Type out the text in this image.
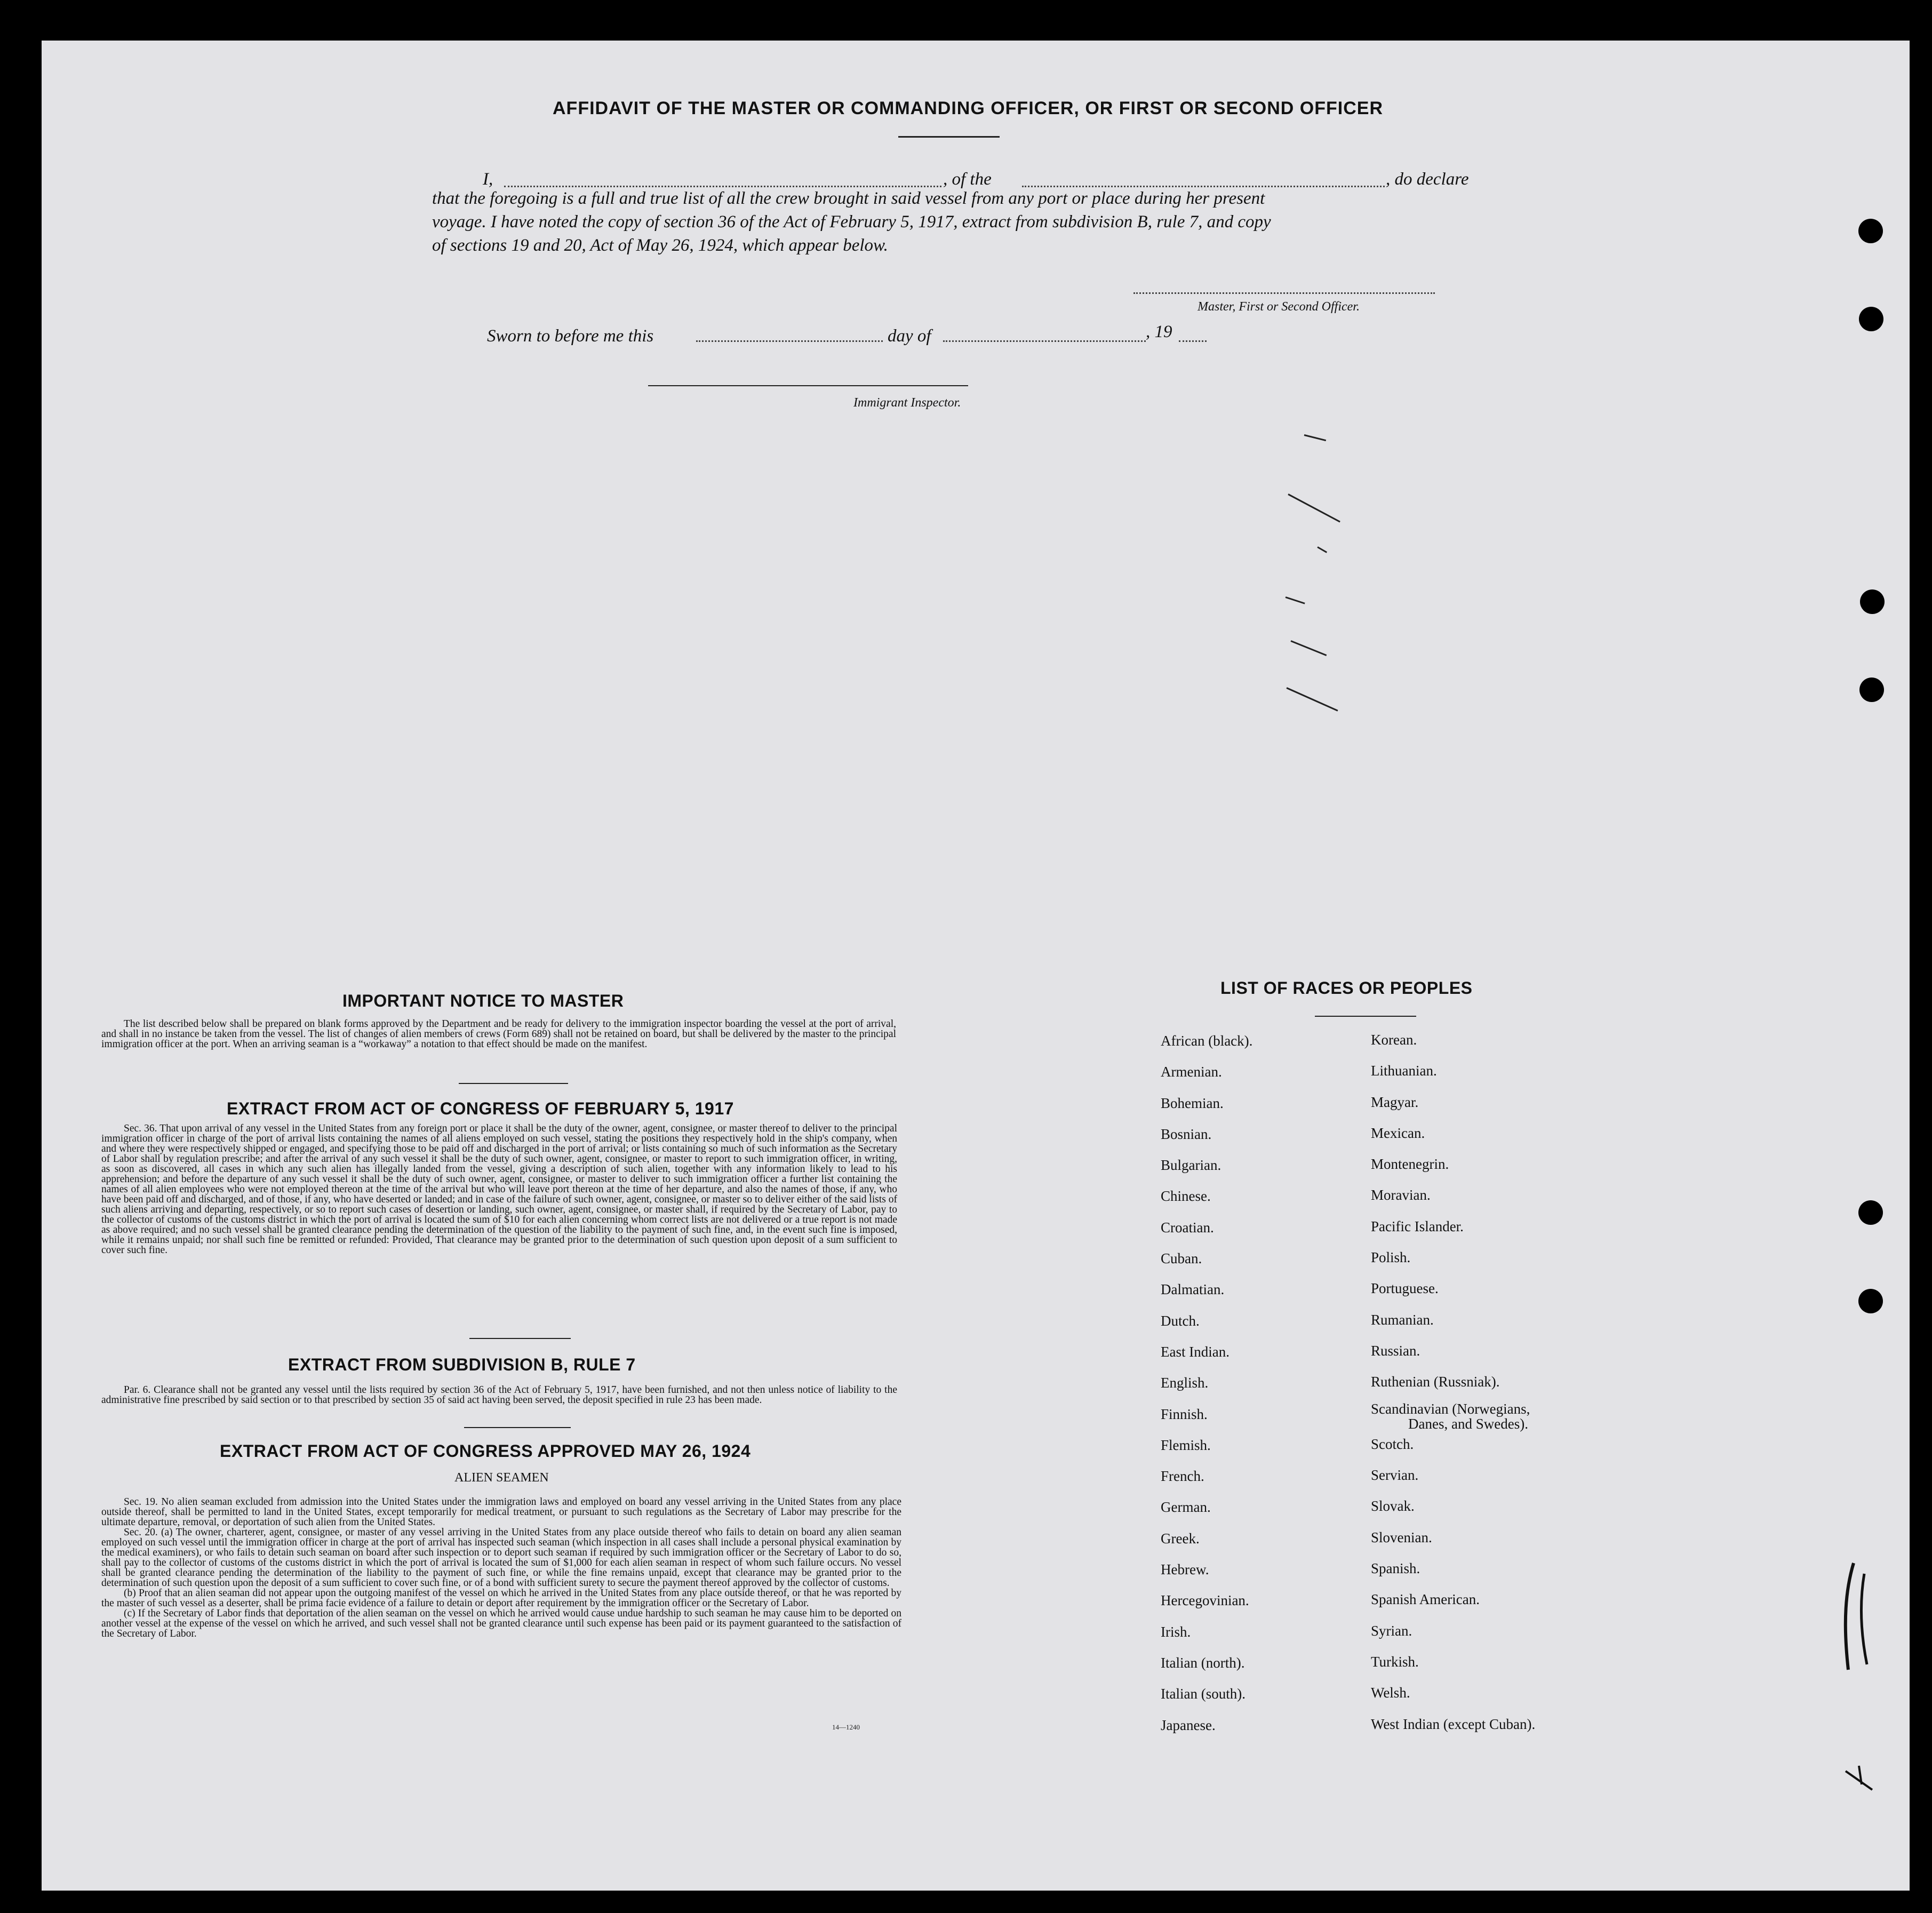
AFFIDAVIT OF THE MASTER OR COMMANDING OFFICER, OR FIRST OR SECOND OFFICER
I,	, of the	, do declare
that the foregoing is a full and true list of all the crew brought in said vessel from any port or place during her present
voyage. I have noted the copy of section 36 of the Act of February 5, 1917, extract from subdivision B, rule 7, and copy
of sections 19 and 20, Act of May 26, 1924, which appear below.
Master, First or Second Officer.
Sworn to before me this	day of	, 19
Immigrant Inspector.
IMPORTANT NOTICE TO MASTER

The list described below shall be prepared on blank forms approved by the Department and be ready for delivery to the immigration inspector boarding the vessel at the port of arrival, and shall in no instance be taken from the vessel. The list of changes of alien members of crews (Form 689) shall not be retained on board, but shall be delivered by the master to the principal immigration officer at the port. When an arriving seaman is a “workaway” a notation to that effect should be made on the manifest.

EXTRACT FROM ACT OF CONGRESS OF FEBRUARY 5, 1917

Sec. 36. That upon arrival of any vessel in the United States from any foreign port or place it shall be the duty of the owner, agent, consignee, or master thereof to deliver to the principal immigration officer in charge of the port of arrival lists containing the names of all aliens employed on such vessel, stating the positions they respectively hold in the ship's company, when and where they were respectively shipped or engaged, and specifying those to be paid off and discharged in the port of arrival; or lists containing so much of such information as the Secretary of Labor shall by regulation prescribe; and after the arrival of any such vessel it shall be the duty of such owner, agent, consignee, or master to report to such immigration officer, in writing, as soon as discovered, all cases in which any such alien has illegally landed from the vessel, giving a description of such alien, together with any information likely to lead to his apprehension; and before the departure of any such vessel it shall be the duty of such owner, agent, consignee, or master to deliver to such immigration officer a further list containing the names of all alien employees who were not employed thereon at the time of the arrival but who will leave port thereon at the time of her departure, and also the names of those, if any, who have been paid off and discharged, and of those, if any, who have deserted or landed; and in case of the failure of such owner, agent, consignee, or master so to deliver either of the said lists of such aliens arriving and departing, respectively, or so to report such cases of desertion or landing, such owner, agent, consignee, or master shall, if required by the Secretary of Labor, pay to the collector of customs of the customs district in which the port of arrival is located the sum of $10 for each alien concerning whom correct lists are not delivered or a true report is not made as above required; and no such vessel shall be granted clearance pending the determination of the question of the liability to the payment of such fine, and, in the event such fine is imposed, while it remains unpaid; nor shall such fine be remitted or refunded: Provided, That clearance may be granted prior to the determination of such question upon deposit of a sum sufficient to cover such fine.

EXTRACT FROM SUBDIVISION B, RULE 7

Par. 6. Clearance shall not be granted any vessel until the lists required by section 36 of the Act of February 5, 1917, have been furnished, and not then unless notice of liability to the administrative fine prescribed by said section or to that prescribed by section 35 of said act having been served, the deposit specified in rule 23 has been made.

EXTRACT FROM ACT OF CONGRESS APPROVED MAY 26, 1924
ALIEN SEAMEN

Sec. 19. No alien seaman excluded from admission into the United States under the immigration laws and employed on board any vessel arriving in the United States from any place outside thereof, shall be permitted to land in the United States, except temporarily for medical treatment, or pursuant to such regulations as the Secretary of Labor may prescribe for the ultimate departure, removal, or deportation of such alien from the United States.

Sec. 20. (a) The owner, charterer, agent, consignee, or master of any vessel arriving in the United States from any place outside thereof who fails to detain on board any alien seaman employed on such vessel until the immigration officer in charge at the port of arrival has inspected such seaman (which inspection in all cases shall include a personal physical examination by the medical examiners), or who fails to detain such seaman on board after such inspection or to deport such seaman if required by such immigration officer or the Secretary of Labor to do so, shall pay to the collector of customs of the customs district in which the port of arrival is located the sum of $1,000 for each alien seaman in respect of whom such failure occurs. No vessel shall be granted clearance pending the determination of the liability to the payment of such fine, or while the fine remains unpaid, except that clearance may be granted prior to the determination of such question upon the deposit of a sum sufficient to cover such fine, or of a bond with sufficient surety to secure the payment thereof approved by the collector of customs.

(b) Proof that an alien seaman did not appear upon the outgoing manifest of the vessel on which he arrived in the United States from any place outside thereof, or that he was reported by the master of such vessel as a deserter, shall be prima facie evidence of a failure to detain or deport after requirement by the immigration officer or the Secretary of Labor.

(c) If the Secretary of Labor finds that deportation of the alien seaman on the vessel on which he arrived would cause undue hardship to such seaman he may cause him to be deported on another vessel at the expense of the vessel on which he arrived, and such vessel shall not be granted clearance until such expense has been paid or its payment guaranteed to the satisfaction of the Secretary of Labor.

14—1240
LIST OF RACES OR PEOPLES
African (black).
Armenian.
Bohemian.
Bosnian.
Bulgarian.
Chinese.
Croatian.
Cuban.
Dalmatian.
Dutch.
East Indian.
English.
Finnish.
Flemish.
French.
German.
Greek.
Hebrew.
Hercegovinian.
Irish.
Italian (north).
Italian (south).
Japanese.
Korean.
Lithuanian.
Magyar.
Mexican.
Montenegrin.
Moravian.
Pacific Islander.
Polish.
Portuguese.
Rumanian.
Russian.
Ruthenian (Russniak).
Scandinavian (Norwegians,
Danes, and Swedes).
Scotch.
Servian.
Slovak.
Slovenian.
Spanish.
Spanish American.
Syrian.
Turkish.
Welsh.
West Indian (except Cuban).
